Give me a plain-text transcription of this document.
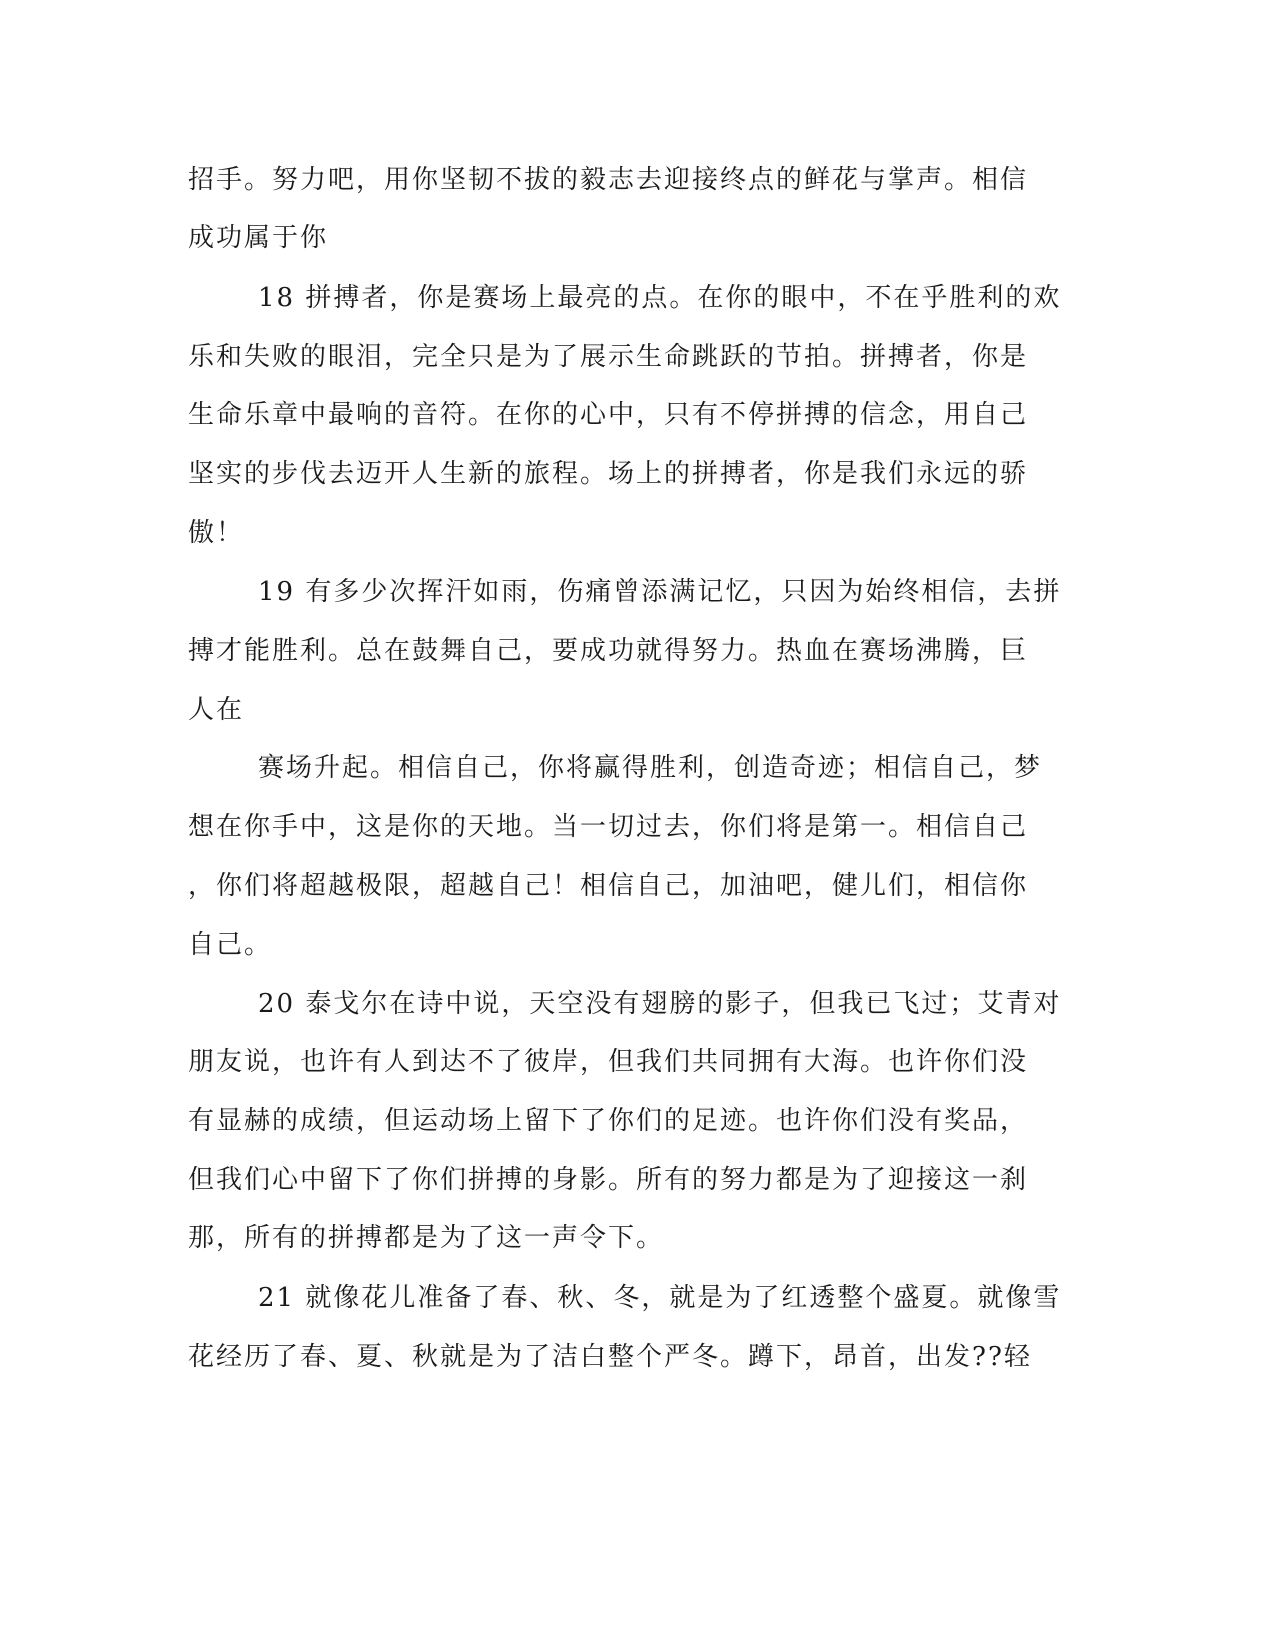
招手。努力吧，用你坚韧不拔的毅志去迎接终点的鲜花与掌声。相信

成功属于你

18 拼搏者，你是赛场上最亮的点。在你的眼中，不在乎胜利的欢

乐和失败的眼泪，完全只是为了展示生命跳跃的节拍。拼搏者，你是

生命乐章中最响的音符。在你的心中，只有不停拼搏的信念，用自己

坚实的步伐去迈开人生新的旅程。场上的拼搏者，你是我们永远的骄

傲！

19 有多少次挥汗如雨，伤痛曾添满记忆，只因为始终相信，去拼

搏才能胜利。总在鼓舞自己，要成功就得努力。热血在赛场沸腾，巨

人在

赛场升起。相信自己，你将赢得胜利，创造奇迹；相信自己，梦

想在你手中，这是你的天地。当一切过去，你们将是第一。相信自己

，你们将超越极限，超越自己！相信自己，加油吧，健儿们，相信你

自己。

20 泰戈尔在诗中说，天空没有翅膀的影子，但我已飞过；艾青对

朋友说，也许有人到达不了彼岸，但我们共同拥有大海。也许你们没

有显赫的成绩，但运动场上留下了你们的足迹。也许你们没有奖品，

但我们心中留下了你们拼搏的身影。所有的努力都是为了迎接这一刹

那，所有的拼搏都是为了这一声令下。

21 就像花儿准备了春、秋、冬，就是为了红透整个盛夏。就像雪

花经历了春、夏、秋就是为了洁白整个严冬。蹲下，昂首，出发??轻
